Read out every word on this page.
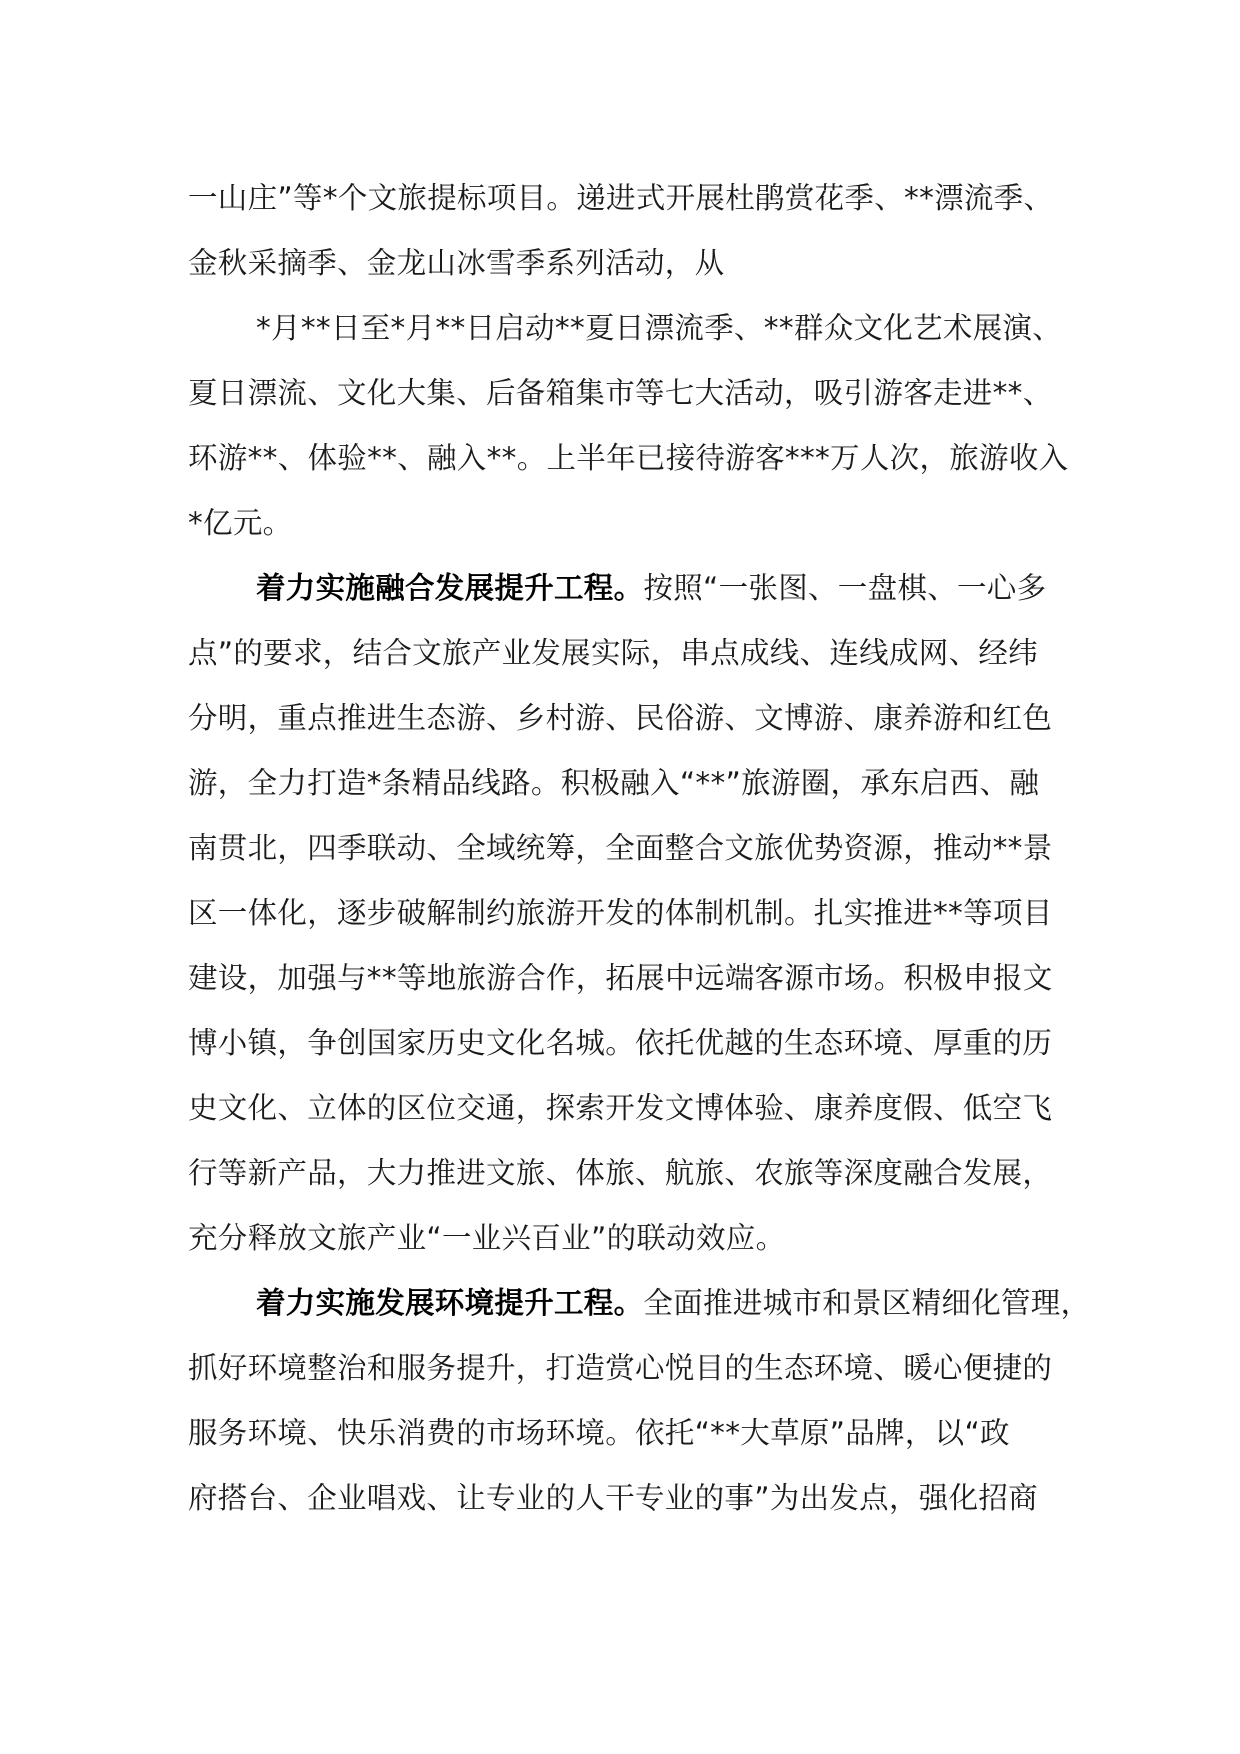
一山庄”等*个文旅提标项目。递进式开展杜鹃赏花季、**漂流季、
金秋采摘季、金龙山冰雪季系列活动，从
*月**日至*月**日启动**夏日漂流季、**群众文化艺术展演、
夏日漂流、文化大集、后备箱集市等七大活动，吸引游客走进**、
环游**、体验**、融入**。上半年已接待游客***万人次，旅游收入
*亿元。
着力实施融合发展提升工程。按照“一张图、一盘棋、一心多
点”的要求，结合文旅产业发展实际，串点成线、连线成网、经纬
分明，重点推进生态游、乡村游、民俗游、文博游、康养游和红色
游，全力打造*条精品线路。积极融入“**”旅游圈，承东启西、融
南贯北，四季联动、全域统筹，全面整合文旅优势资源，推动**景
区一体化，逐步破解制约旅游开发的体制机制。扎实推进**等项目
建设，加强与**等地旅游合作，拓展中远端客源市场。积极申报文
博小镇，争创国家历史文化名城。依托优越的生态环境、厚重的历
史文化、立体的区位交通，探索开发文博体验、康养度假、低空飞
行等新产品，大力推进文旅、体旅、航旅、农旅等深度融合发展，
充分释放文旅产业“一业兴百业”的联动效应。
着力实施发展环境提升工程。全面推进城市和景区精细化管理，
抓好环境整治和服务提升，打造赏心悦目的生态环境、暖心便捷的
服务环境、快乐消费的市场环境。依托“**大草原”品牌，以“政
府搭台、企业唱戏、让专业的人干专业的事”为出发点，强化招商
